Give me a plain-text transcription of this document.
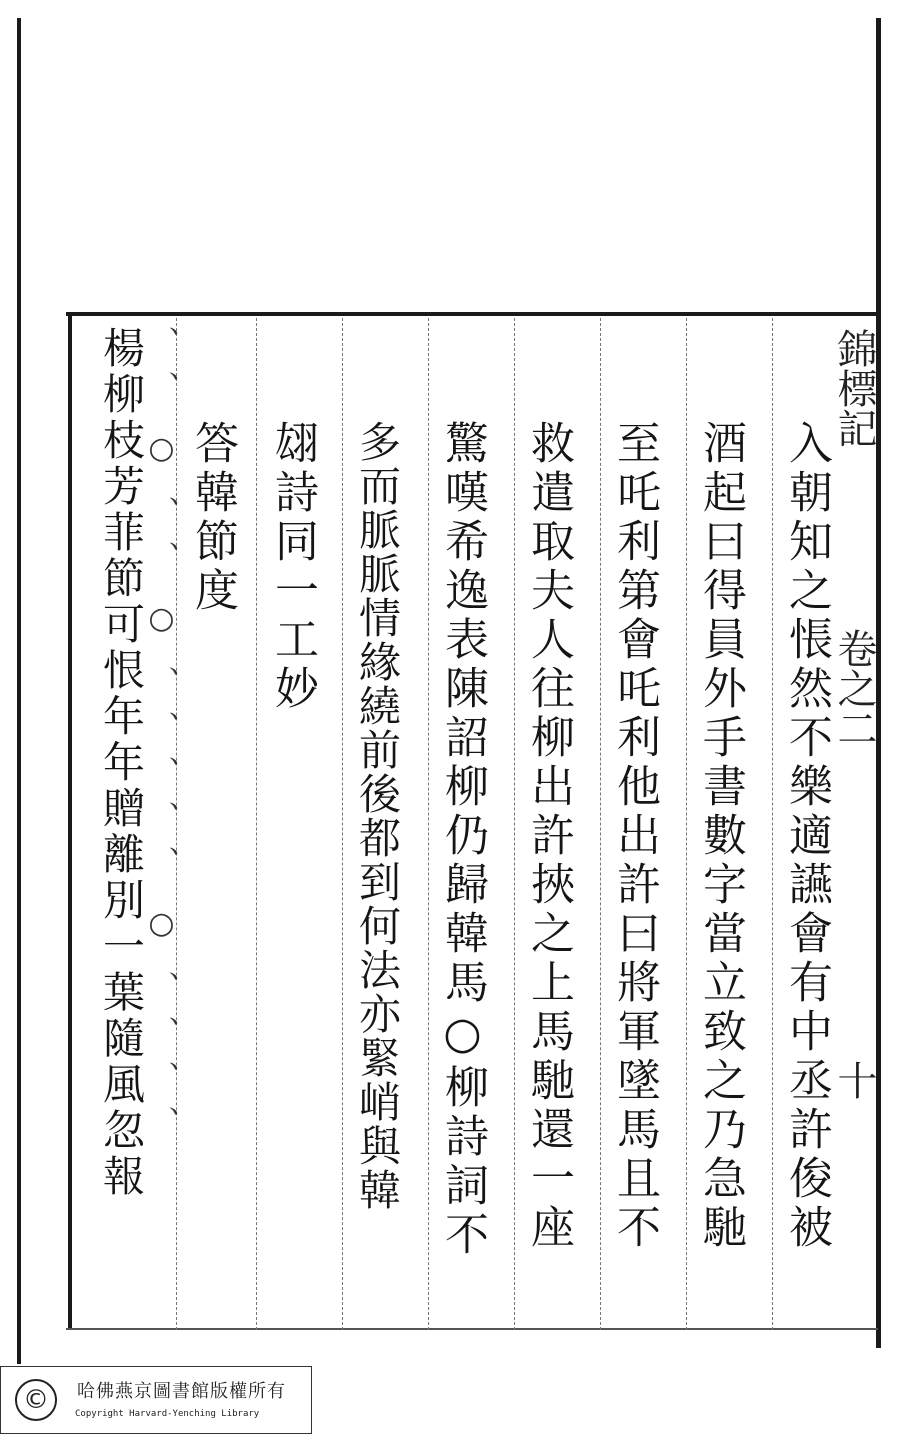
錦標記
卷之二
十
入朝知之悵然不樂適讌會有中丞許俊被
酒起曰得員外手書數字當立致之乃急馳
至吒利第會吒利他出許曰將軍墜馬且不
救遣取夫人往柳出許挾之上馬馳還一座
驚嘆希逸表陳詔柳仍歸韓馬○柳詩詞不
多而脈脈情緣繞前後都到何法亦緊峭與韓
翃詩同一工妙
答韓節度
楊柳枝芳菲節可恨年年贈離別一葉隨風忽報
、、○、、○、、、、、○、、、、
©	哈佛燕京圖書館版權所有
Copyright Harvard-Yenching Library
